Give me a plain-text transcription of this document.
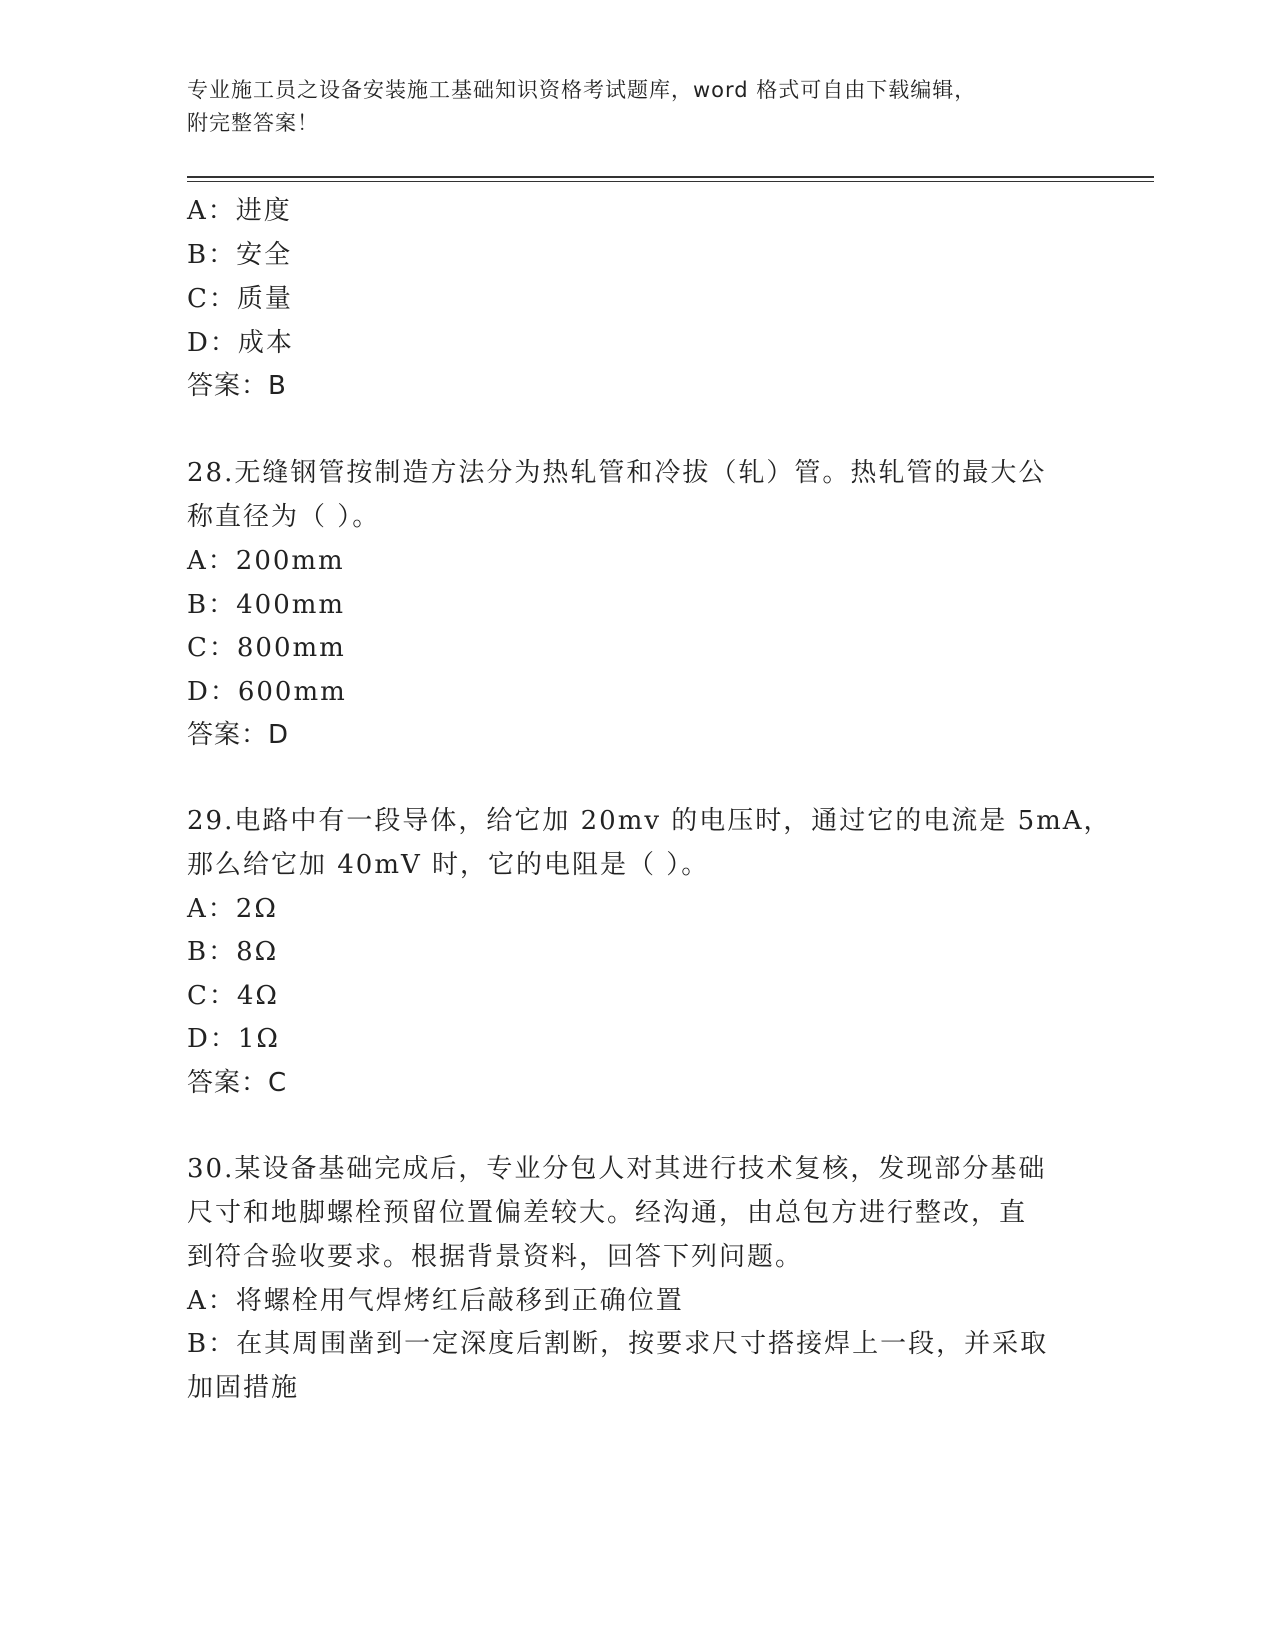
专业施工员之设备安装施工基础知识资格考试题库，word 格式可自由下载编辑，
附完整答案！
A：进度
B：安全
C：质量
D：成本
答案：B
28.无缝钢管按制造方法分为热轧管和冷拔（轧）管。热轧管的最大公
称直径为（ ）。
A：200mm
B：400mm
C：800mm
D：600mm
答案：D
29.电路中有一段导体，给它加 20mv 的电压时，通过它的电流是 5mA，
那么给它加 40mV 时，它的电阻是（ ）。
A：2Ω
B：8Ω
C：4Ω
D：1Ω
答案：C
30.某设备基础完成后，专业分包人对其进行技术复核，发现部分基础
尺寸和地脚螺栓预留位置偏差较大。经沟通，由总包方进行整改，直
到符合验收要求。根据背景资料，回答下列问题。
A：将螺栓用气焊烤红后敲移到正确位置
B：在其周围凿到一定深度后割断，按要求尺寸搭接焊上一段，并采取
加固措施
